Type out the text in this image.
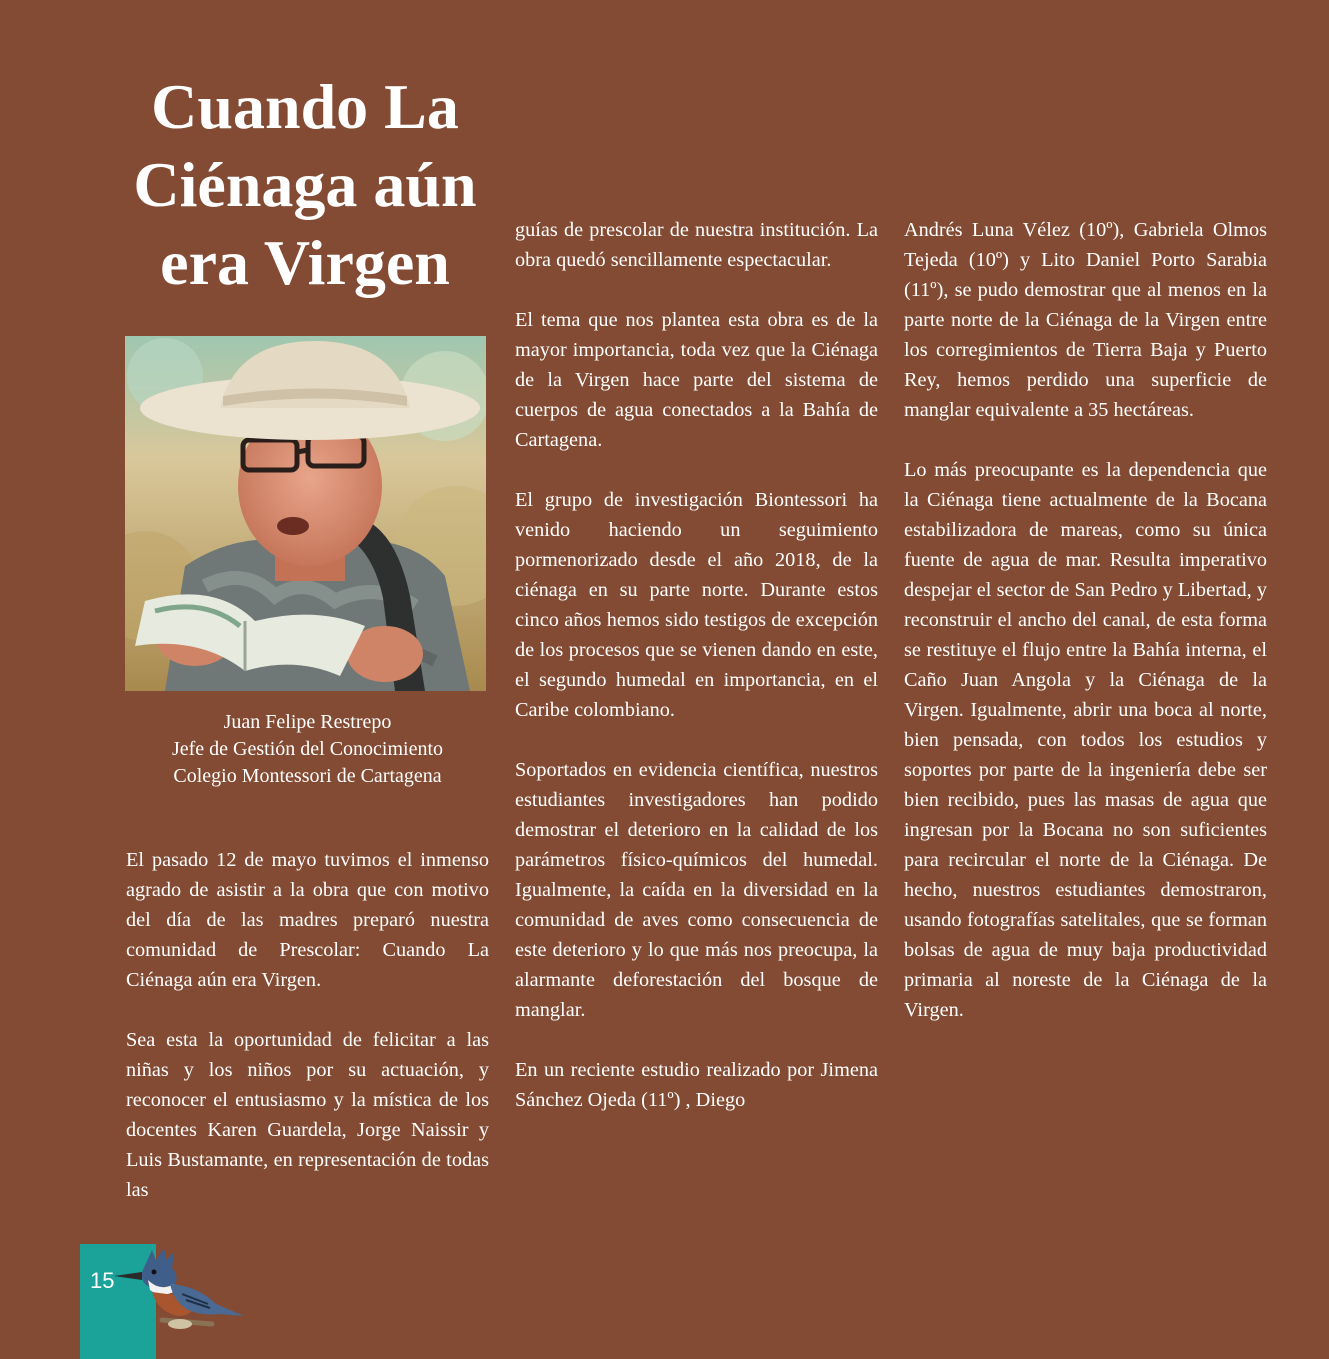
Cuando La Ciénaga aún era Virgen
Juan Felipe Restrepo
Jefe de Gestión del Conocimiento
Colegio Montessori de Cartagena

El pasado 12 de mayo tuvimos el inmenso agrado de asistir a la obra que con motivo del día de las madres preparó nuestra comunidad de Prescolar: Cuando La Ciénaga aún era Virgen.

Sea esta la oportunidad de felicitar a las niñas y los niños por su actuación, y reconocer el entusiasmo y la mística de los docentes Karen Guardela, Jorge Naissir y Luis Bustamante, en representación de todas las

guías de prescolar de nuestra institución. La obra quedó sencillamente espectacular.

El tema que nos plantea esta obra es de la mayor importancia, toda vez que la Ciénaga de la Virgen hace parte del sistema de cuerpos de agua conectados a la Bahía de Cartagena.

El grupo de investigación Biontessori ha venido haciendo un seguimiento pormenorizado desde el año 2018, de la ciénaga en su parte norte. Durante estos cinco años hemos sido testigos de excepción de los procesos que se vienen dando en este, el segundo humedal en importancia, en el Caribe colombiano.

Soportados en evidencia científica, nuestros estudiantes investigadores han podido demostrar el deterioro en la calidad de los parámetros físico-químicos del humedal. Igualmente, la caída en la diversidad en la comunidad de aves como consecuencia de este deterioro y lo que más nos preocupa, la alarmante deforestación del bosque de manglar.

En un reciente estudio realizado por Jimena Sánchez Ojeda (11º) , Diego

Andrés Luna Vélez (10º), Gabriela Olmos Tejeda (10º) y Lito Daniel Porto Sarabia (11º), se pudo demostrar que al menos en la parte norte de la Ciénaga de la Virgen entre los corregimientos de Tierra Baja y Puerto Rey, hemos perdido una superficie de manglar equivalente a 35 hectáreas.

Lo más preocupante es la dependencia que la Ciénaga tiene actualmente de la Bocana estabilizadora de mareas, como su única fuente de agua de mar. Resulta imperativo despejar el sector de San Pedro y Libertad, y reconstruir el ancho del canal, de esta forma se restituye el flujo entre la Bahía interna, el Caño Juan Angola y la Ciénaga de la Virgen. Igualmente, abrir una boca al norte, bien pensada, con todos los estudios y soportes por parte de la ingeniería debe ser bien recibido, pues las masas de agua que ingresan por la Bocana no son suficientes para recircular el norte de la Ciénaga. De hecho, nuestros estudiantes demostraron, usando fotografías satelitales, que se forman bolsas de agua de muy baja productividad primaria al noreste de la Ciénaga de la Virgen.

15
